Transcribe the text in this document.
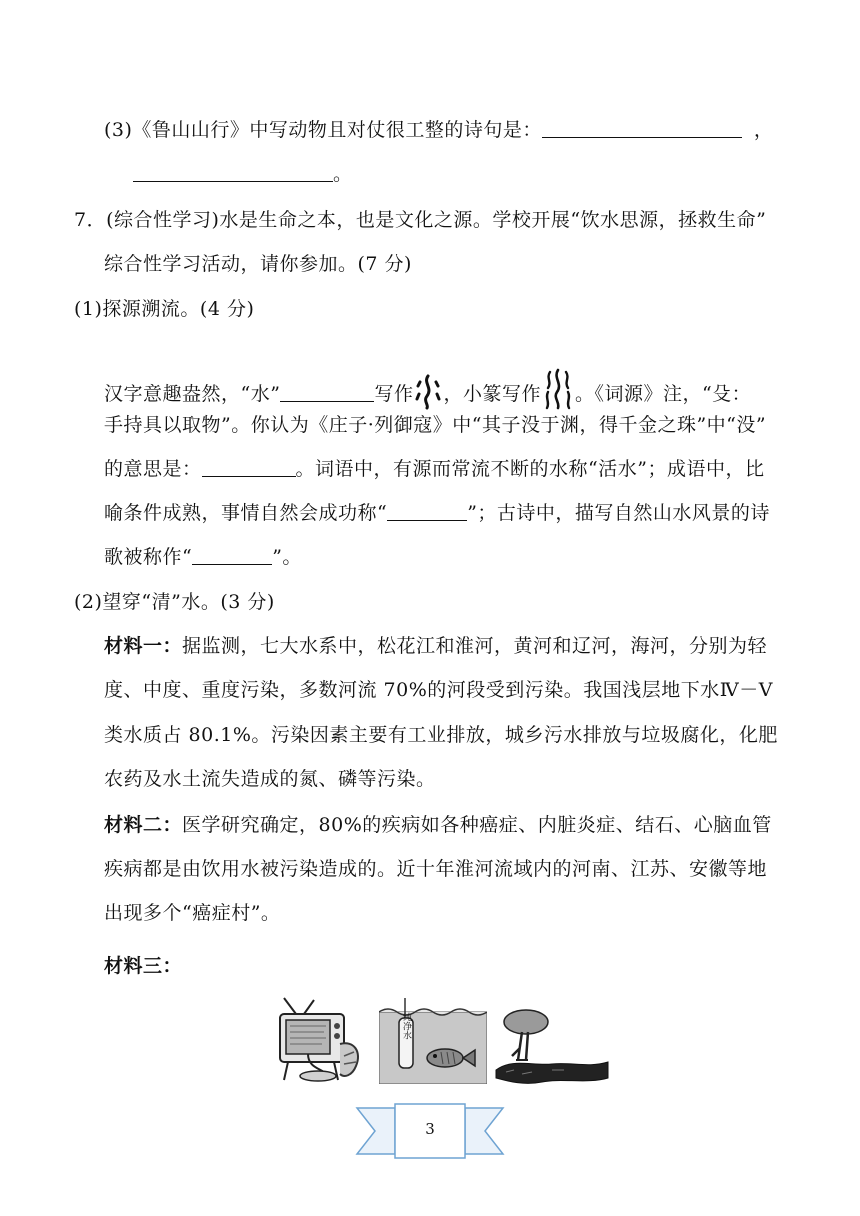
(3)《鲁山山行》中写动物且对仗很工整的诗句是：	，
。
7．(综合性学习)水是生命之本，也是文化之源。学校开展“饮水思源，拯救生命”
综合性学习活动，请你参加。(7 分)
(1)探源溯流。(4 分)
汉字意趣盎然，“水”	写作 ，小篆写作 。《词源》注，“殳：
手持具以取物”。你认为《庄子·列御寇》中“其子没于渊，得千金之珠”中“没”
的意思是：	。词语中，有源而常流不断的水称“活水”；成语中，比
喻条件成熟，事情自然会成功称“	”；古诗中，描写自然山水风景的诗
歌被称作“	”。
(2)望穿“清”水。(3 分)
材料一：据监测，七大水系中，松花江和淮河，黄河和辽河，海河，分别为轻
度、中度、重度污染，多数河流 70%的河段受到污染。我国浅层地下水Ⅳ－Ⅴ
类水质占 80.1%。污染因素主要有工业排放，城乡污水排放与垃圾腐化，化肥
农药及水土流失造成的氮、磷等污染。
材料二：医学研究确定，80%的疾病如各种癌症、内脏炎症、结石、心脑血管
疾病都是由饮用水被污染造成的。近十年淮河流域内的河南、江苏、安徽等地
出现多个“癌症村”。
材料三：
纯净水
3
